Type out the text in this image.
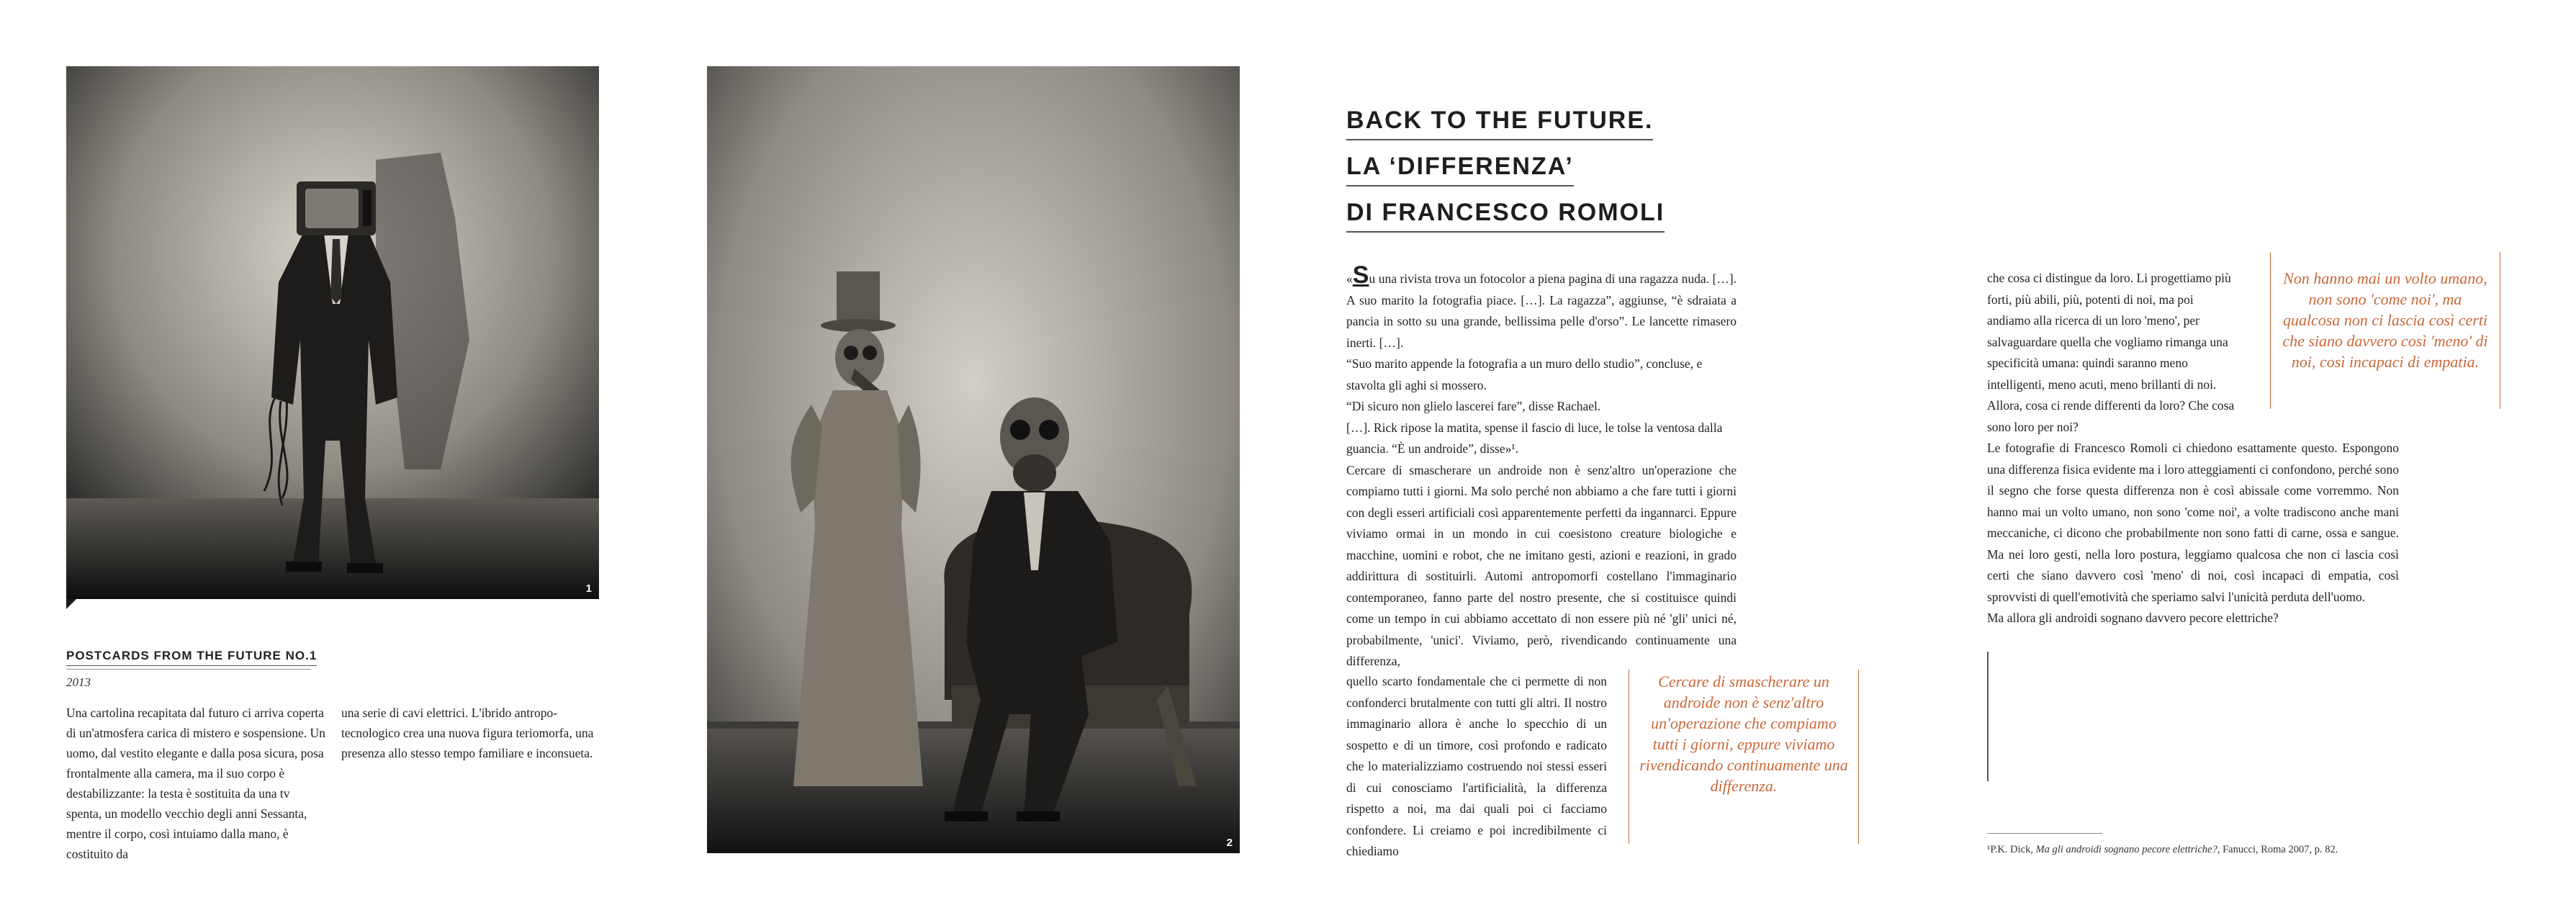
1
2
POSTCARDS FROM THE FUTURE NO.1
2013
Una cartolina recapitata dal futuro ci arriva coperta di un'atmosfera carica di mistero e sospensione. Un uomo, dal vestito elegante e dalla posa sicura, posa frontalmente alla camera, ma il suo corpo è destabilizzante: la testa è sostituita da una tv spenta, un modello vecchio degli anni Sessanta, mentre il corpo, così intuiamo dalla mano, è costituito da
una serie di cavi elettrici. L'ibrido antropo-tecnologico crea una nuova figura teriomorfa, una presenza allo stesso tempo familiare e inconsueta.
BACK TO THE FUTURE.
LA ‘DIFFERENZA’
DI FRANCESCO ROMOLI

«Su una rivista trova un fotocolor a piena pagina di una ragazza nuda. […]. A suo marito la fotografia piace. […]. La ragazza”, aggiunse, “è sdraiata a pancia in sotto su una grande, bellissima pelle d'orso”. Le lancette rimasero inerti. […].

“Suo marito appende la fotografia a un muro dello studio”, concluse, e stavolta gli aghi si mossero.

“Di sicuro non glielo lascerei fare”, disse Rachael.

[…]. Rick ripose la matita, spense il fascio di luce, le tolse la ventosa dalla guancia. “È un androide”, disse»¹.

Cercare di smascherare un androide non è senz'altro un'operazione che compiamo tutti i giorni. Ma solo perché non abbiamo a che fare tutti i giorni con degli esseri artificiali così apparentemente perfetti da ingannarci. Eppure viviamo ormai in un mondo in cui coesistono creature biologiche e macchine, uomini e robot, che ne imitano gesti, azioni e reazioni, in grado addirittura di sostituirli. Automi antropomorfi costellano l'immaginario contemporaneo, fanno parte del nostro presente, che si costituisce quindi come un tempo in cui abbiamo accettato di non essere più né 'gli' unici né, probabilmente, 'unici'. Viviamo, però, rivendicando continuamente una differenza,

quello scarto fondamentale che ci permette di non confonderci brutalmente con tutti gli altri. Il nostro immaginario allora è anche lo specchio di un sospetto e di un timore, così profondo e radicato che lo materializziamo costruendo noi stessi esseri di cui conosciamo l'artificialità, la differenza rispetto a noi, ma dai quali poi ci facciamo confondere. Li creiamo e poi incredibilmente ci chiediamo

Cercare di smascherare un androide non è senz'altro un'operazione che compiamo tutti i giorni, eppure viviamo rivendicando continuamente una differenza.

che cosa ci distingue da loro. Li progettiamo più forti, più abili, più, potenti di noi, ma poi andiamo alla ricerca di un loro 'meno', per salvaguardare quella che vogliamo rimanga una specificità umana: quindi saranno meno intelligenti, meno acuti, meno brillanti di noi. Allora, cosa ci rende differenti da loro? Che cosa sono loro per noi?

Non hanno mai un volto umano, non sono 'come noi', ma qualcosa non ci lascia così certi che siano davvero così 'meno' di noi, così incapaci di empatia.

Le fotografie di Francesco Romoli ci chiedono esattamente questo. Espongono una differenza fisica evidente ma i loro atteggiamenti ci confondono, perché sono il segno che forse questa differenza non è così abissale come vorremmo. Non hanno mai un volto umano, non sono 'come noi', a volte tradiscono anche mani meccaniche, ci dicono che probabilmente non sono fatti di carne, ossa e sangue. Ma nei loro gesti, nella loro postura, leggiamo qualcosa che non ci lascia così certi che siano davvero così 'meno' di noi, così incapaci di empatia, così sprovvisti di quell'emotività che speriamo salvi l'unicità perduta dell'uomo.

Ma allora gli androidi sognano davvero pecore elettriche?

¹P.K. Dick, Ma gli androidi sognano pecore elettriche?, Fanucci, Roma 2007, p. 82.
